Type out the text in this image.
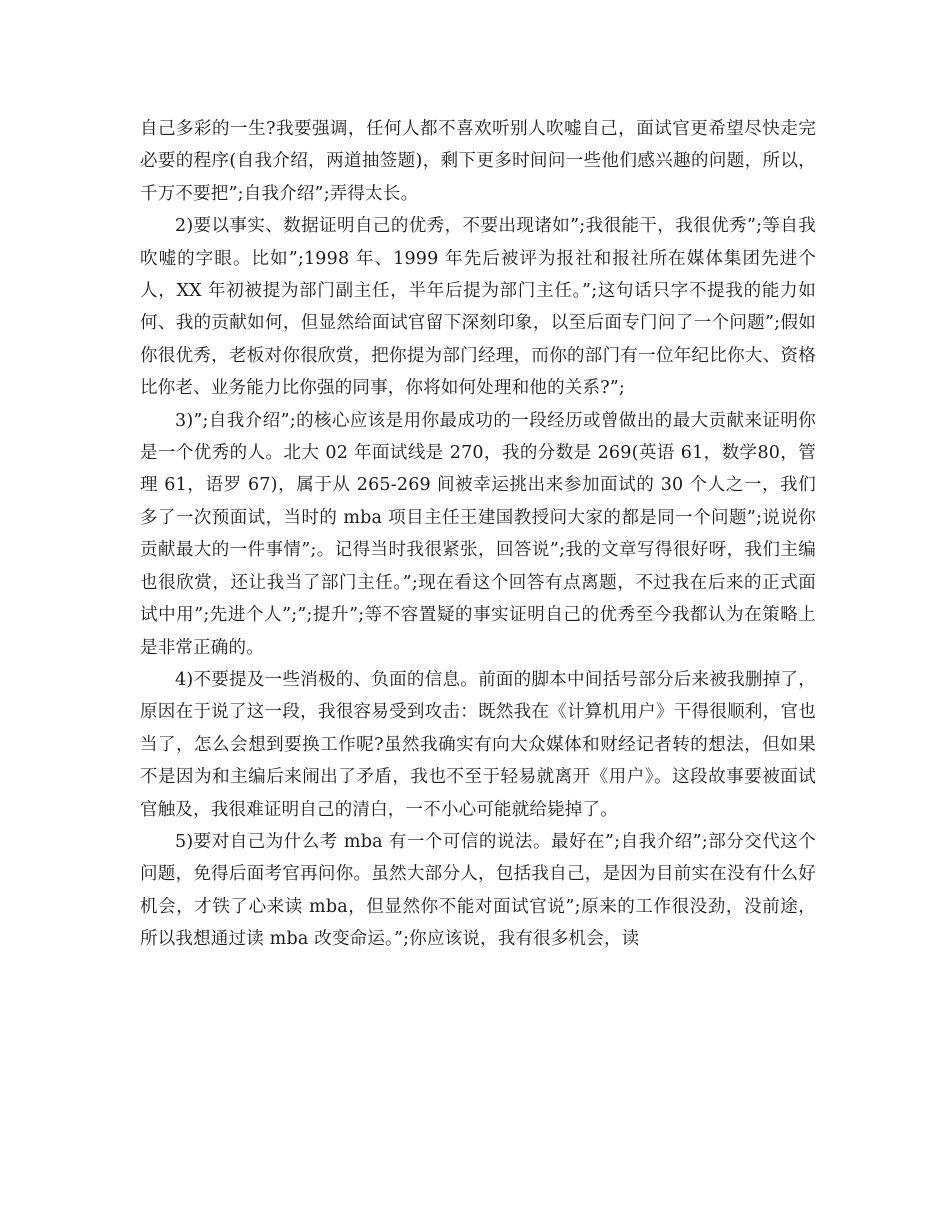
自己多彩的一生?我要强调，任何人都不喜欢听别人吹嘘自己，面试官更希望尽快走完必要的程序(自我介绍，两道抽签题)，剩下更多时间问一些他们感兴趣的问题，所以，千万不要把”;自我介绍”;弄得太长。

2)要以事实、数据证明自己的优秀，不要出现诸如”;我很能干，我很优秀”;等自我吹嘘的字眼。比如”;1998 年、1999 年先后被评为报社和报社所在媒体集团先进个人，XX 年初被提为部门副主任，半年后提为部门主任。”;这句话只字不提我的能力如何、我的贡献如何，但显然给面试官留下深刻印象，以至后面专门问了一个问题”;假如你很优秀，老板对你很欣赏，把你提为部门经理，而你的部门有一位年纪比你大、资格比你老、业务能力比你强的同事，你将如何处理和他的关系?”;

3)”;自我介绍”;的核心应该是用你最成功的一段经历或曾做出的最大贡献来证明你是一个优秀的人。北大 02 年面试线是 270，我的分数是 269(英语 61，数学80，管理 61，语罗 67)，属于从 265-269 间被幸运挑出来参加面试的 30 个人之一，我们多了一次预面试，当时的 mba 项目主任王建国教授问大家的都是同一个问题”;说说你贡献最大的一件事情”;。记得当时我很紧张，回答说”;我的文章写得很好呀，我们主编也很欣赏，还让我当了部门主任。”;现在看这个回答有点离题，不过我在后来的正式面试中用”;先进个人”;”;提升”;等不容置疑的事实证明自己的优秀至今我都认为在策略上是非常正确的。

4)不要提及一些消极的、负面的信息。前面的脚本中间括号部分后来被我删掉了，原因在于说了这一段，我很容易受到攻击：既然我在《计算机用户》干得很顺利，官也当了，怎么会想到要换工作呢?虽然我确实有向大众媒体和财经记者转的想法，但如果不是因为和主编后来闹出了矛盾，我也不至于轻易就离开《用户》。这段故事要被面试官触及，我很难证明自己的清白，一不小心可能就给毙掉了。

5)要对自己为什么考 mba 有一个可信的说法。最好在”;自我介绍”;部分交代这个问题，免得后面考官再问你。虽然大部分人，包括我自己，是因为目前实在没有什么好机会，才铁了心来读 mba，但显然你不能对面试官说”;原来的工作很没劲，没前途，所以我想通过读 mba 改变命运。”;你应该说，我有很多机会，读
